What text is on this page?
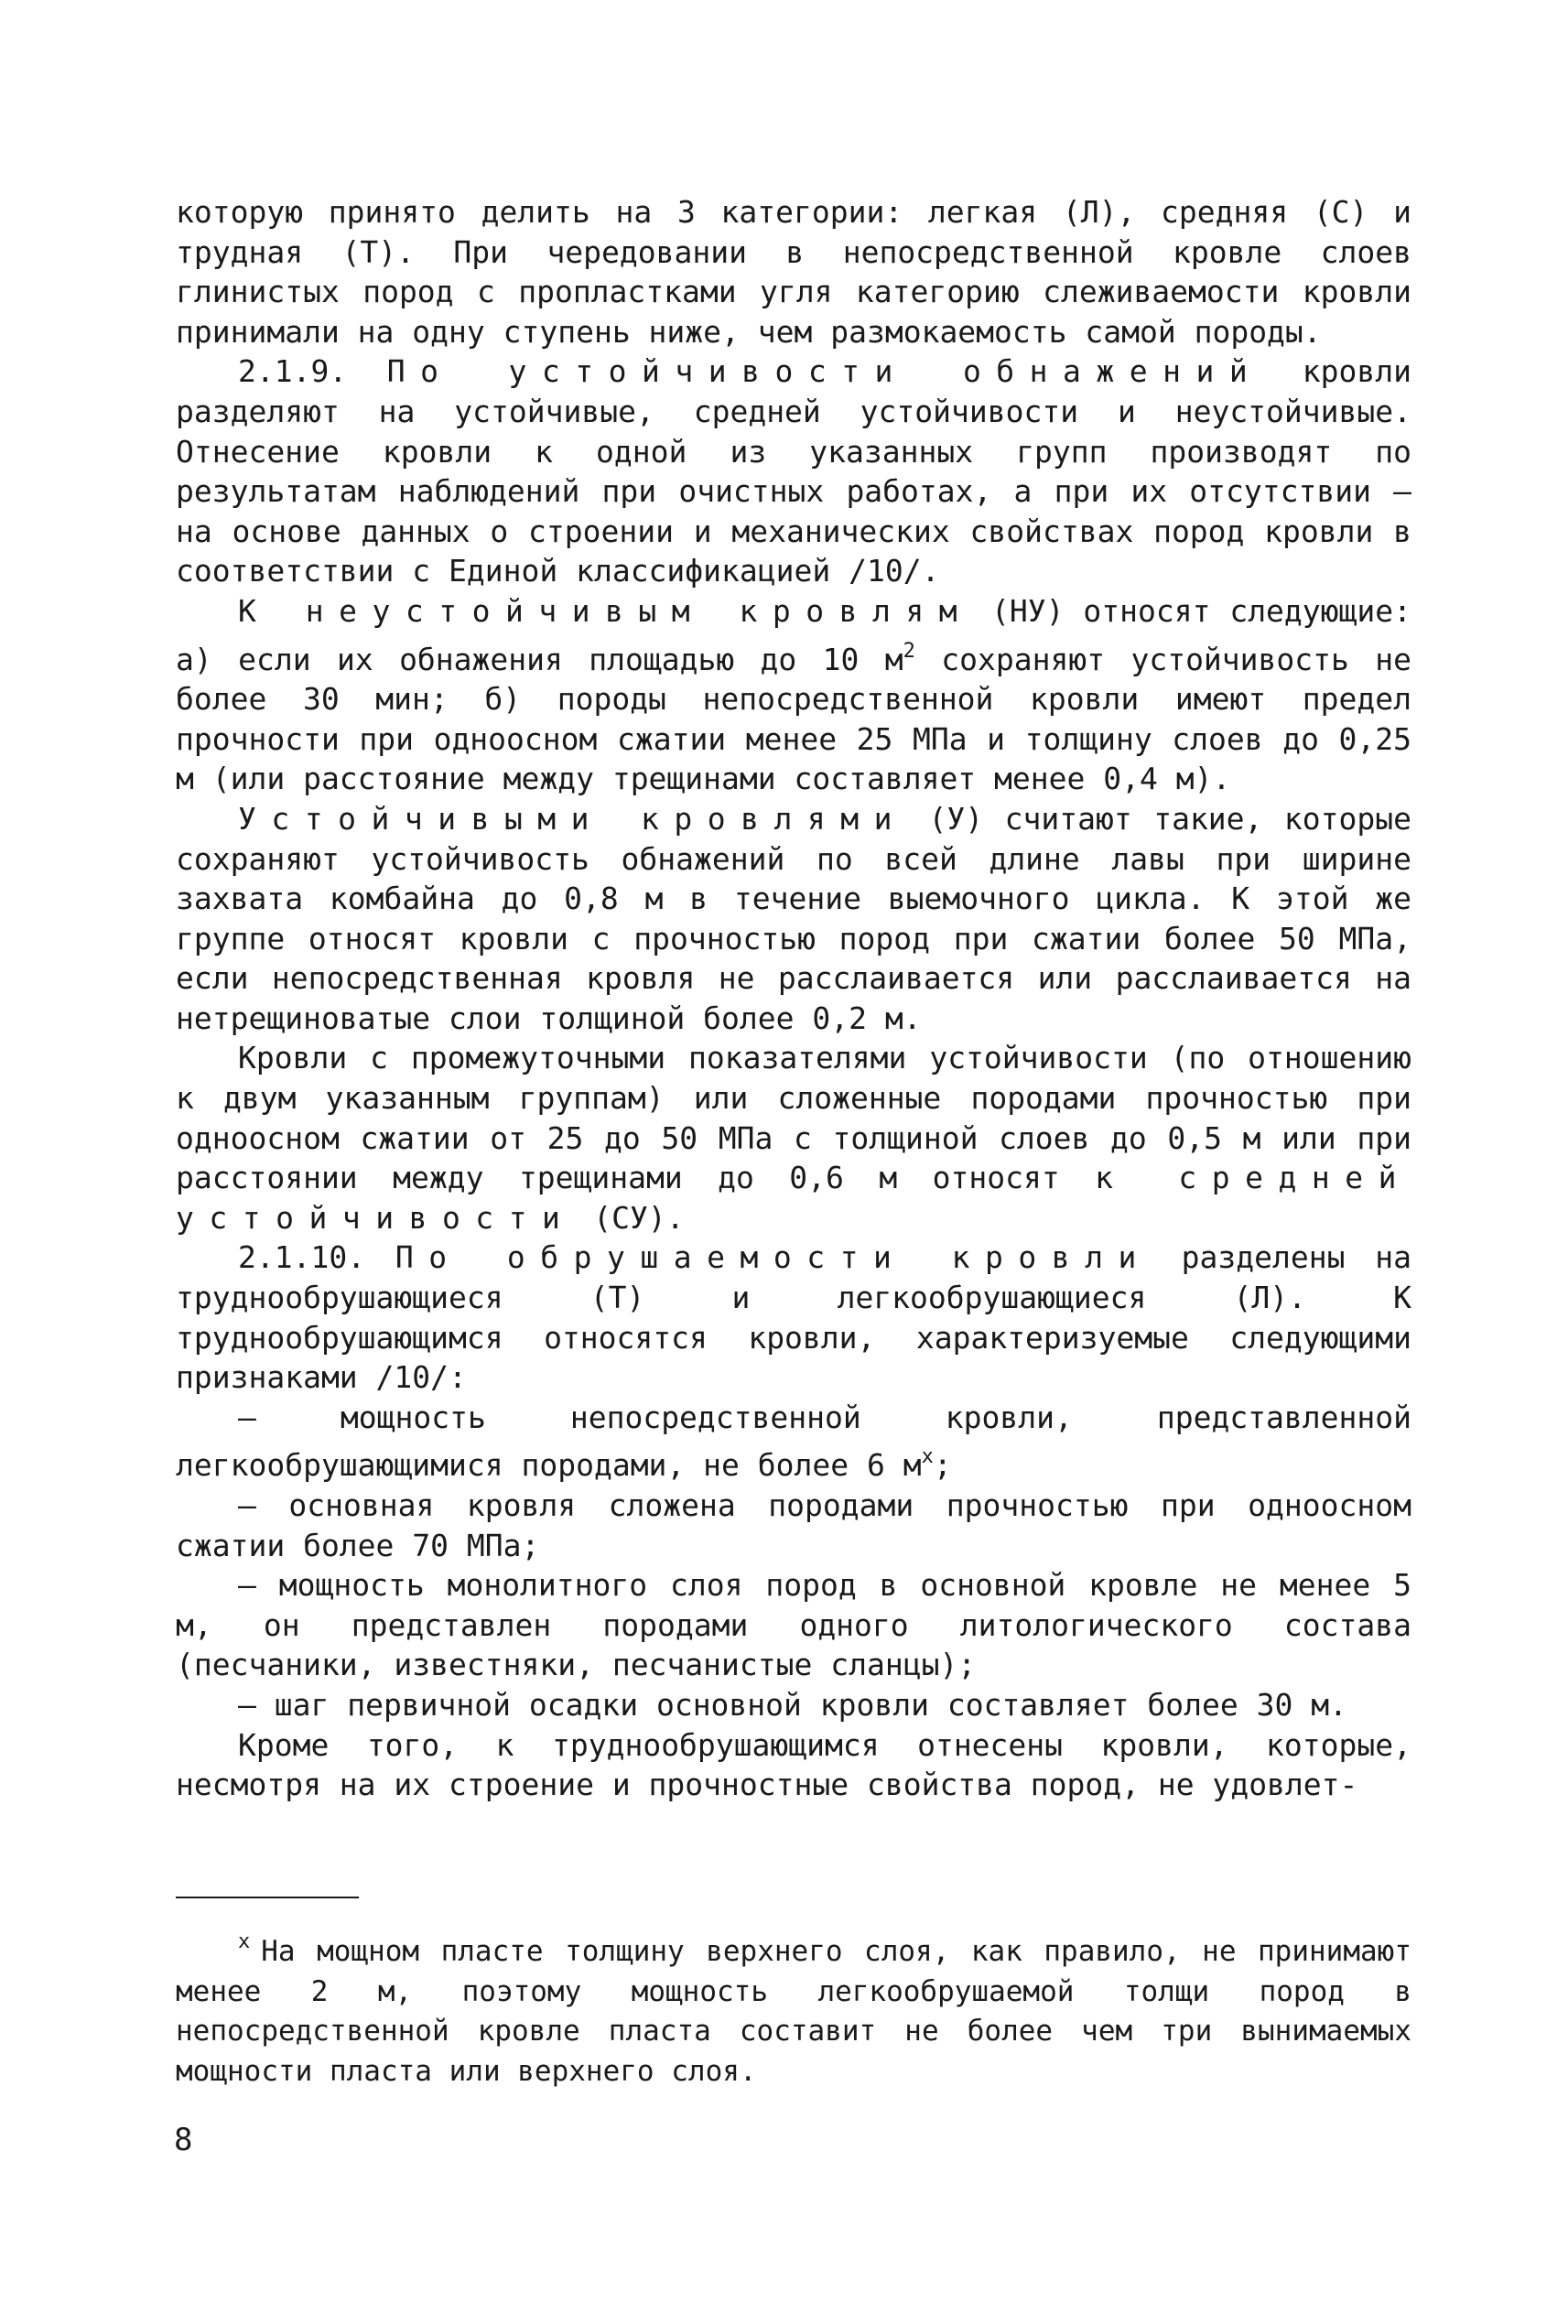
которую принято делить на 3 категории: легкая (Л), средняя (С) и трудная (Т). При чередовании в непосредственной кровле слоев глинистых пород с пропластками угля категорию слеживаемости кровли принимали на одну ступень ниже, чем размокаемость самой породы.

2.1.9. По устойчивости обнажений кровли разделяют на устойчивые, средней устойчивости и неустойчивые. Отнесение кровли к одной из указанных групп производят по результатам наблюдений при очистных работах, а при их отсутствии – на основе данных о строении и механических свойствах пород кровли в соответствии с Единой классификацией /10/.

К неустойчивым кровлям (НУ) относят следующие: а) если их обнажения площадью до 10 $м^2$ сохраняют устойчивость не более 30 мин; б) породы непосредственной кровли имеют предел прочности при одноосном сжатии менее 25 МПа и толщину слоев до 0,25 м (или расстояние между трещинами составляет менее 0,4 м).

Устойчивыми кровлями (У) считают такие, которые сохраняют устойчивость обнажений по всей длине лавы при ширине захвата комбайна до 0,8 м в течение выемочного цикла. К этой же группе относят кровли с прочностью пород при сжатии более 50 МПа, если непосредственная кровля не расслаивается или расслаивается на нетрещиноватые слои толщиной более 0,2 м.

Кровли с промежуточными показателями устойчивости (по отношению к двум указанным группам) или сложенные породами прочностью при одноосном сжатии от 25 до 50 МПа с толщиной слоев до 0,5 м или при расстоянии между трещинами до 0,6 м относят к средней устойчивости (СУ).

2.1.10. По обрушаемости кровли разделены на труднообрушающиеся (Т) и легкообрушающиеся (Л). К труднообрушающимся относятся кровли, характеризуемые следующими признаками /10/:

– мощность непосредственной кровли, представленной легкообрушающимися породами, не более 6 $м^x$;

– основная кровля сложена породами прочностью при одноосном сжатии более 70 МПа;

– мощность монолитного слоя пород в основной кровле не менее 5 м, он представлен породами одного литологического состава (песчаники, известняки, песчанистые сланцы);

– шаг первичной осадки основной кровли составляет более 30 м.

Кроме того, к труднообрушающимся отнесены кровли, которые, несмотря на их строение и прочностные свойства пород, не удовлет-

$^x$ На мощном пласте толщину верхнего слоя, как правило, не принимают менее 2 м, поэтому мощность легкообрушаемой толщи пород в непосредственной кровле пласта составит не более чем три вынимаемых мощности пласта или верхнего слоя.

8
